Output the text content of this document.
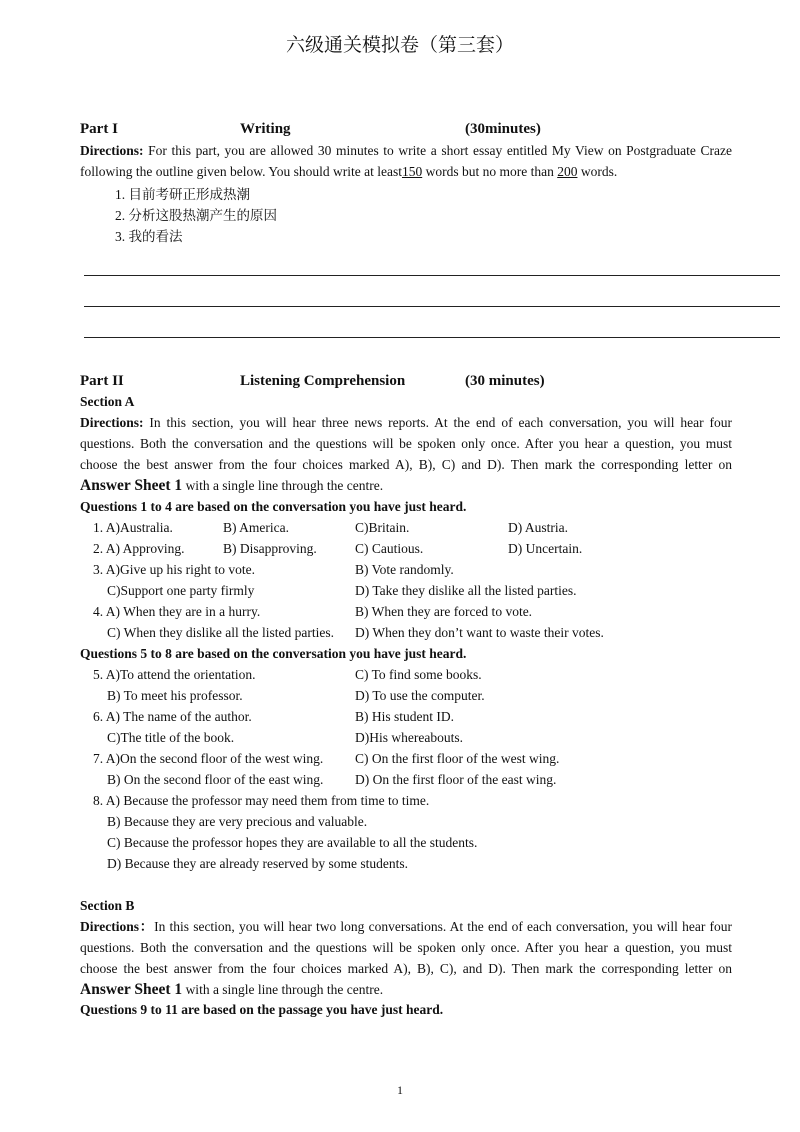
六级通关模拟卷（第三套）
Part I	Writing	(30minutes)
Directions: For this part, you are allowed 30 minutes to write a short essay entitled My View on Postgraduate Craze following the outline given below. You should write at least150 words but no more than 200 words.
1. 目前考研正形成热潮
2. 分析这股热潮产生的原因
3. 我的看法
Part II	Listening Comprehension	(30 minutes)
Section A
Directions: In this section, you will hear three news reports. At the end of each conversation, you will hear four questions. Both the conversation and the questions will be spoken only once. After you hear a question, you must choose the best answer from the four choices marked A), B), C) and D). Then mark the corresponding letter on Answer Sheet 1 with a single line through the centre.
Questions 1 to 4 are based on the conversation you have just heard.
1. A)Australia.	B) America.	C)Britain.	D) Austria.
2. A) Approving.	B) Disapproving.	C) Cautious.	D) Uncertain.
3. A)Give up his right to vote.	B) Vote randomly.
C)Support one party firmly	D) Take they dislike all the listed parties.
4. A) When they are in a hurry.	B) When they are forced to vote.
C) When they dislike all the listed parties. D) When they don’t want to waste their votes.
Questions 5 to 8 are based on the conversation you have just heard.
5. A)To attend the orientation.	C) To find some books.
B) To meet his professor.	D) To use the computer.
6. A) The name of the author.	B) His student ID.
C)The title of the book.	D)His whereabouts.
7. A)On the second floor of the west wing. C) On the first floor of the west wing.
B) On the second floor of the east wing. D) On the first floor of the east wing.
8. A) Because the professor may need them from time to time.
B) Because they are very precious and valuable.
C) Because the professor hopes they are available to all the students.
D) Because they are already reserved by some students.
Section B
Directions：In this section, you will hear two long conversations. At the end of each conversation, you will hear four questions. Both the conversation and the questions will be spoken only once. After you hear a question, you must choose the best answer from the four choices marked A), B), C), and D). Then mark the corresponding letter on Answer Sheet 1 with a single line through the centre.
Questions 9 to 11 are based on the passage you have just heard.
1
